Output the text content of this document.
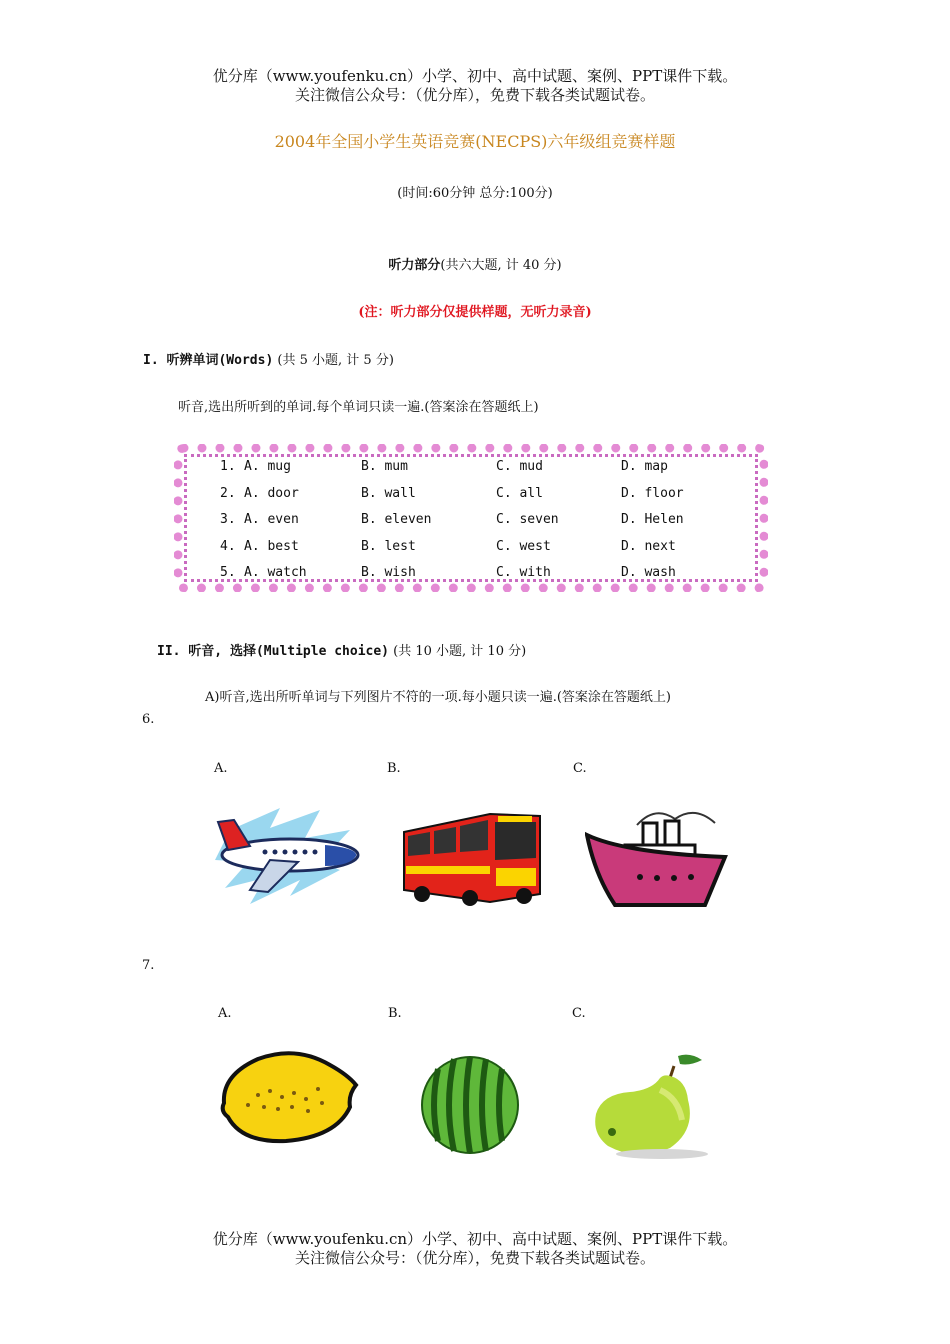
优分库（www.youfenku.cn）小学、初中、高中试题、案例、PPT课件下载。
关注微信公众号：（优分库），免费下载各类试题试卷。
2004年全国小学生英语竞赛(NECPS)六年级组竞赛样题
(时间:60分钟 总分:100分)
听力部分(共六大题, 计 40 分)
(注：听力部分仅提供样题，无听力录音)
I. 听辨单词(Words) (共 5 小题, 计 5 分)
听音,选出所听到的单词.每个单词只读一遍.(答案涂在答题纸上)
1. A. mug	B. mum	C. mud	D. map
2. A. door	B. wall	C. all	D. floor
3. A. even	B. eleven	C. seven	D. Helen
4. A. best	B. lest	C. west	D. next
5. A. watch	B. wish	C. with	D. wash
II. 听音, 选择(Multiple choice) (共 10 小题, 计 10 分)
A)听音,选出所听单词与下列图片不符的一项.每小题只读一遍.(答案涂在答题纸上)
6.
A.	B.	C.
7.
A.	B.	C.
优分库（www.youfenku.cn）小学、初中、高中试题、案例、PPT课件下载。
关注微信公众号：（优分库），免费下载各类试题试卷。
